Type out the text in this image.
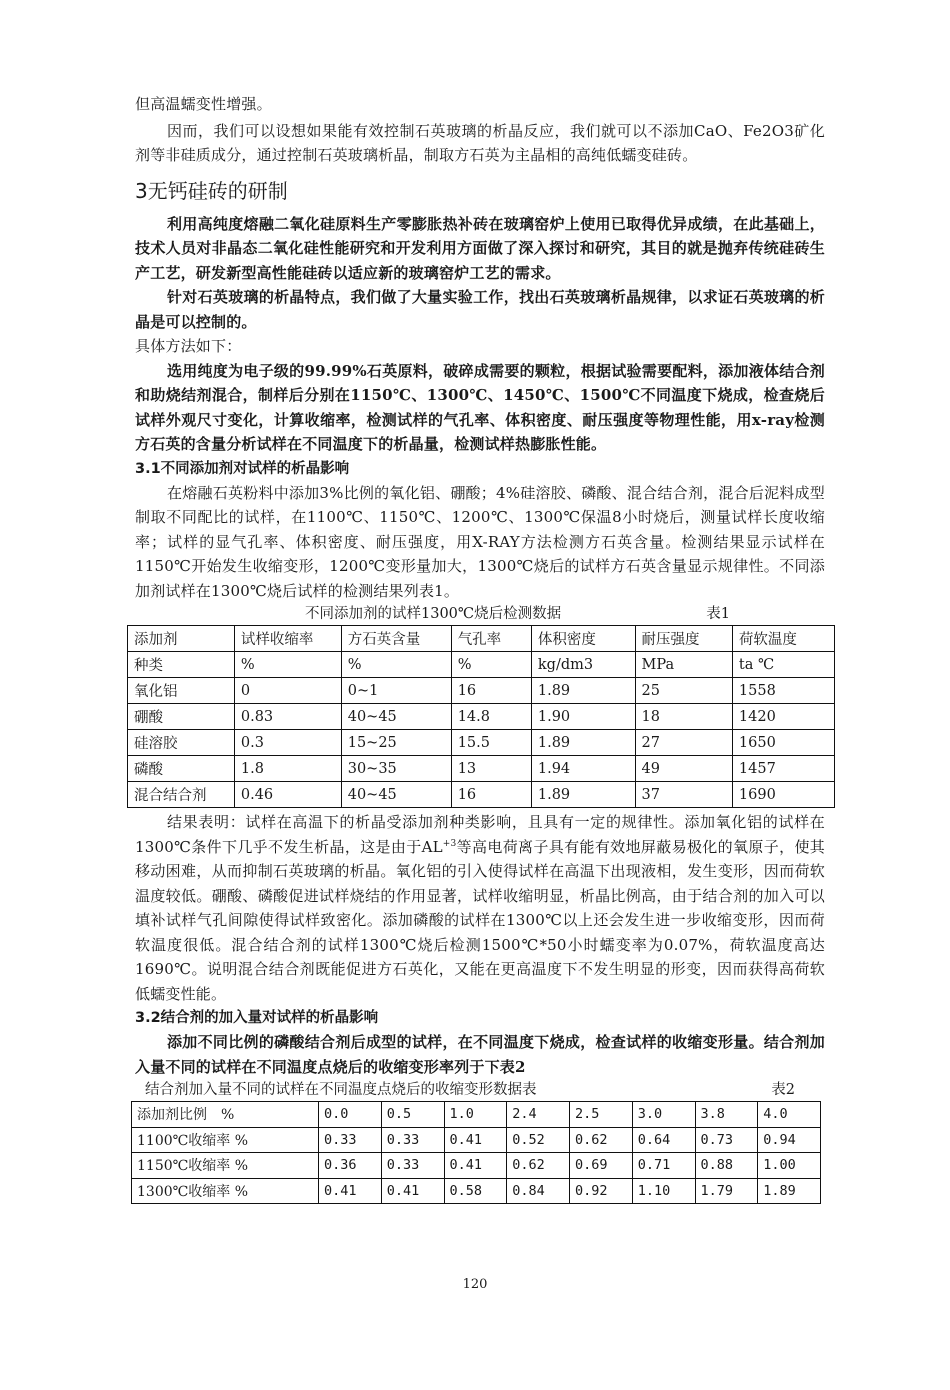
但高温蠕变性增强。

因而，我们可以设想如果能有效控制石英玻璃的析晶反应，我们就可以不添加CaO、Fe2O3矿化剂等非硅质成分，通过控制石英玻璃析晶，制取方石英为主晶相的高纯低蠕变硅砖。

3无钙硅砖的研制

利用高纯度熔融二氧化硅原料生产零膨胀热补砖在玻璃窑炉上使用已取得优异成绩，在此基础上，技术人员对非晶态二氧化硅性能研究和开发利用方面做了深入探讨和研究，其目的就是抛弃传统硅砖生产工艺，研发新型高性能硅砖以适应新的玻璃窑炉工艺的需求。

针对石英玻璃的析晶特点，我们做了大量实验工作，找出石英玻璃析晶规律，以求证石英玻璃的析晶是可以控制的。

具体方法如下：

选用纯度为电子级的99.99%石英原料，破碎成需要的颗粒，根据试验需要配料，添加液体结合剂和助烧结剂混合，制样后分别在1150℃、1300℃、1450℃、1500℃不同温度下烧成，检查烧后试样外观尺寸变化，计算收缩率，检测试样的气孔率、体积密度、耐压强度等物理性能，用x-ray检测方石英的含量分析试样在不同温度下的析晶量，检测试样热膨胀性能。

3.1不同添加剂对试样的析晶影响

在熔融石英粉料中添加3%比例的氧化铝、硼酸；4%硅溶胶、磷酸、混合结合剂，混合后泥料成型制取不同配比的试样，在1100℃、1150℃、1200℃、1300℃保温8小时烧后，测量试样长度收缩率；试样的显气孔率、体积密度、耐压强度，用X-RAY方法检测方石英含量。检测结果显示试样在1150℃开始发生收缩变形，1200℃变形量加大，1300℃烧后的试样方石英含量显示规律性。不同添加剂试样在1300℃烧后试样的检测结果列表1。

不同添加剂的试样1300℃烧后检测数据	表1
添加剂	试样收缩率	方石英含量	气孔率	体积密度	耐压强度	荷软温度
种类	%	%	%	kg/dm3	MPa	ta ℃
氧化铝	0	0~1	16	1.89	25	1558
硼酸	0.83	40~45	14.8	1.90	18	1420
硅溶胶	0.3	15~25	15.5	1.89	27	1650
磷酸	1.8	30~35	13	1.94	49	1457
混合结合剂	0.46	40~45	16	1.89	37	1690

结果表明：试样在高温下的析晶受添加剂种类影响，且具有一定的规律性。添加氧化铝的试样在1300℃条件下几乎不发生析晶，这是由于$AL^{+3}$等高电荷离子具有能有效地屏蔽易极化的氧原子，使其移动困难，从而抑制石英玻璃的析晶。氧化铝的引入使得试样在高温下出现液相，发生变形，因而荷软温度较低。硼酸、磷酸促进试样烧结的作用显著，试样收缩明显，析晶比例高，由于结合剂的加入可以填补试样气孔间隙使得试样致密化。添加磷酸的试样在1300℃以上还会发生进一步收缩变形，因而荷软温度很低。混合结合剂的试样1300℃烧后检测1500℃*50小时蠕变率为0.07%，荷软温度高达1690℃。说明混合结合剂既能促进方石英化，又能在更高温度下不发生明显的形变，因而获得高荷软低蠕变性能。

3.2结合剂的加入量对试样的析晶影响

添加不同比例的磷酸结合剂后成型的试样，在不同温度下烧成，检查试样的收缩变形量。结合剂加入量不同的试样在不同温度点烧后的收缩变形率列于下表2

结合剂加入量不同的试样在不同温度点烧后的收缩变形数据表	表2
添加剂比例　%	0.0	0.5	1.0	2.4	2.5	3.0	3.8	4.0
1100℃收缩率 %	0.33	0.33	0.41	0.52	0.62	0.64	0.73	0.94
1150℃收缩率 %	0.36	0.33	0.41	0.62	0.69	0.71	0.88	1.00
1300℃收缩率 %	0.41	0.41	0.58	0.84	0.92	1.10	1.79	1.89
120
